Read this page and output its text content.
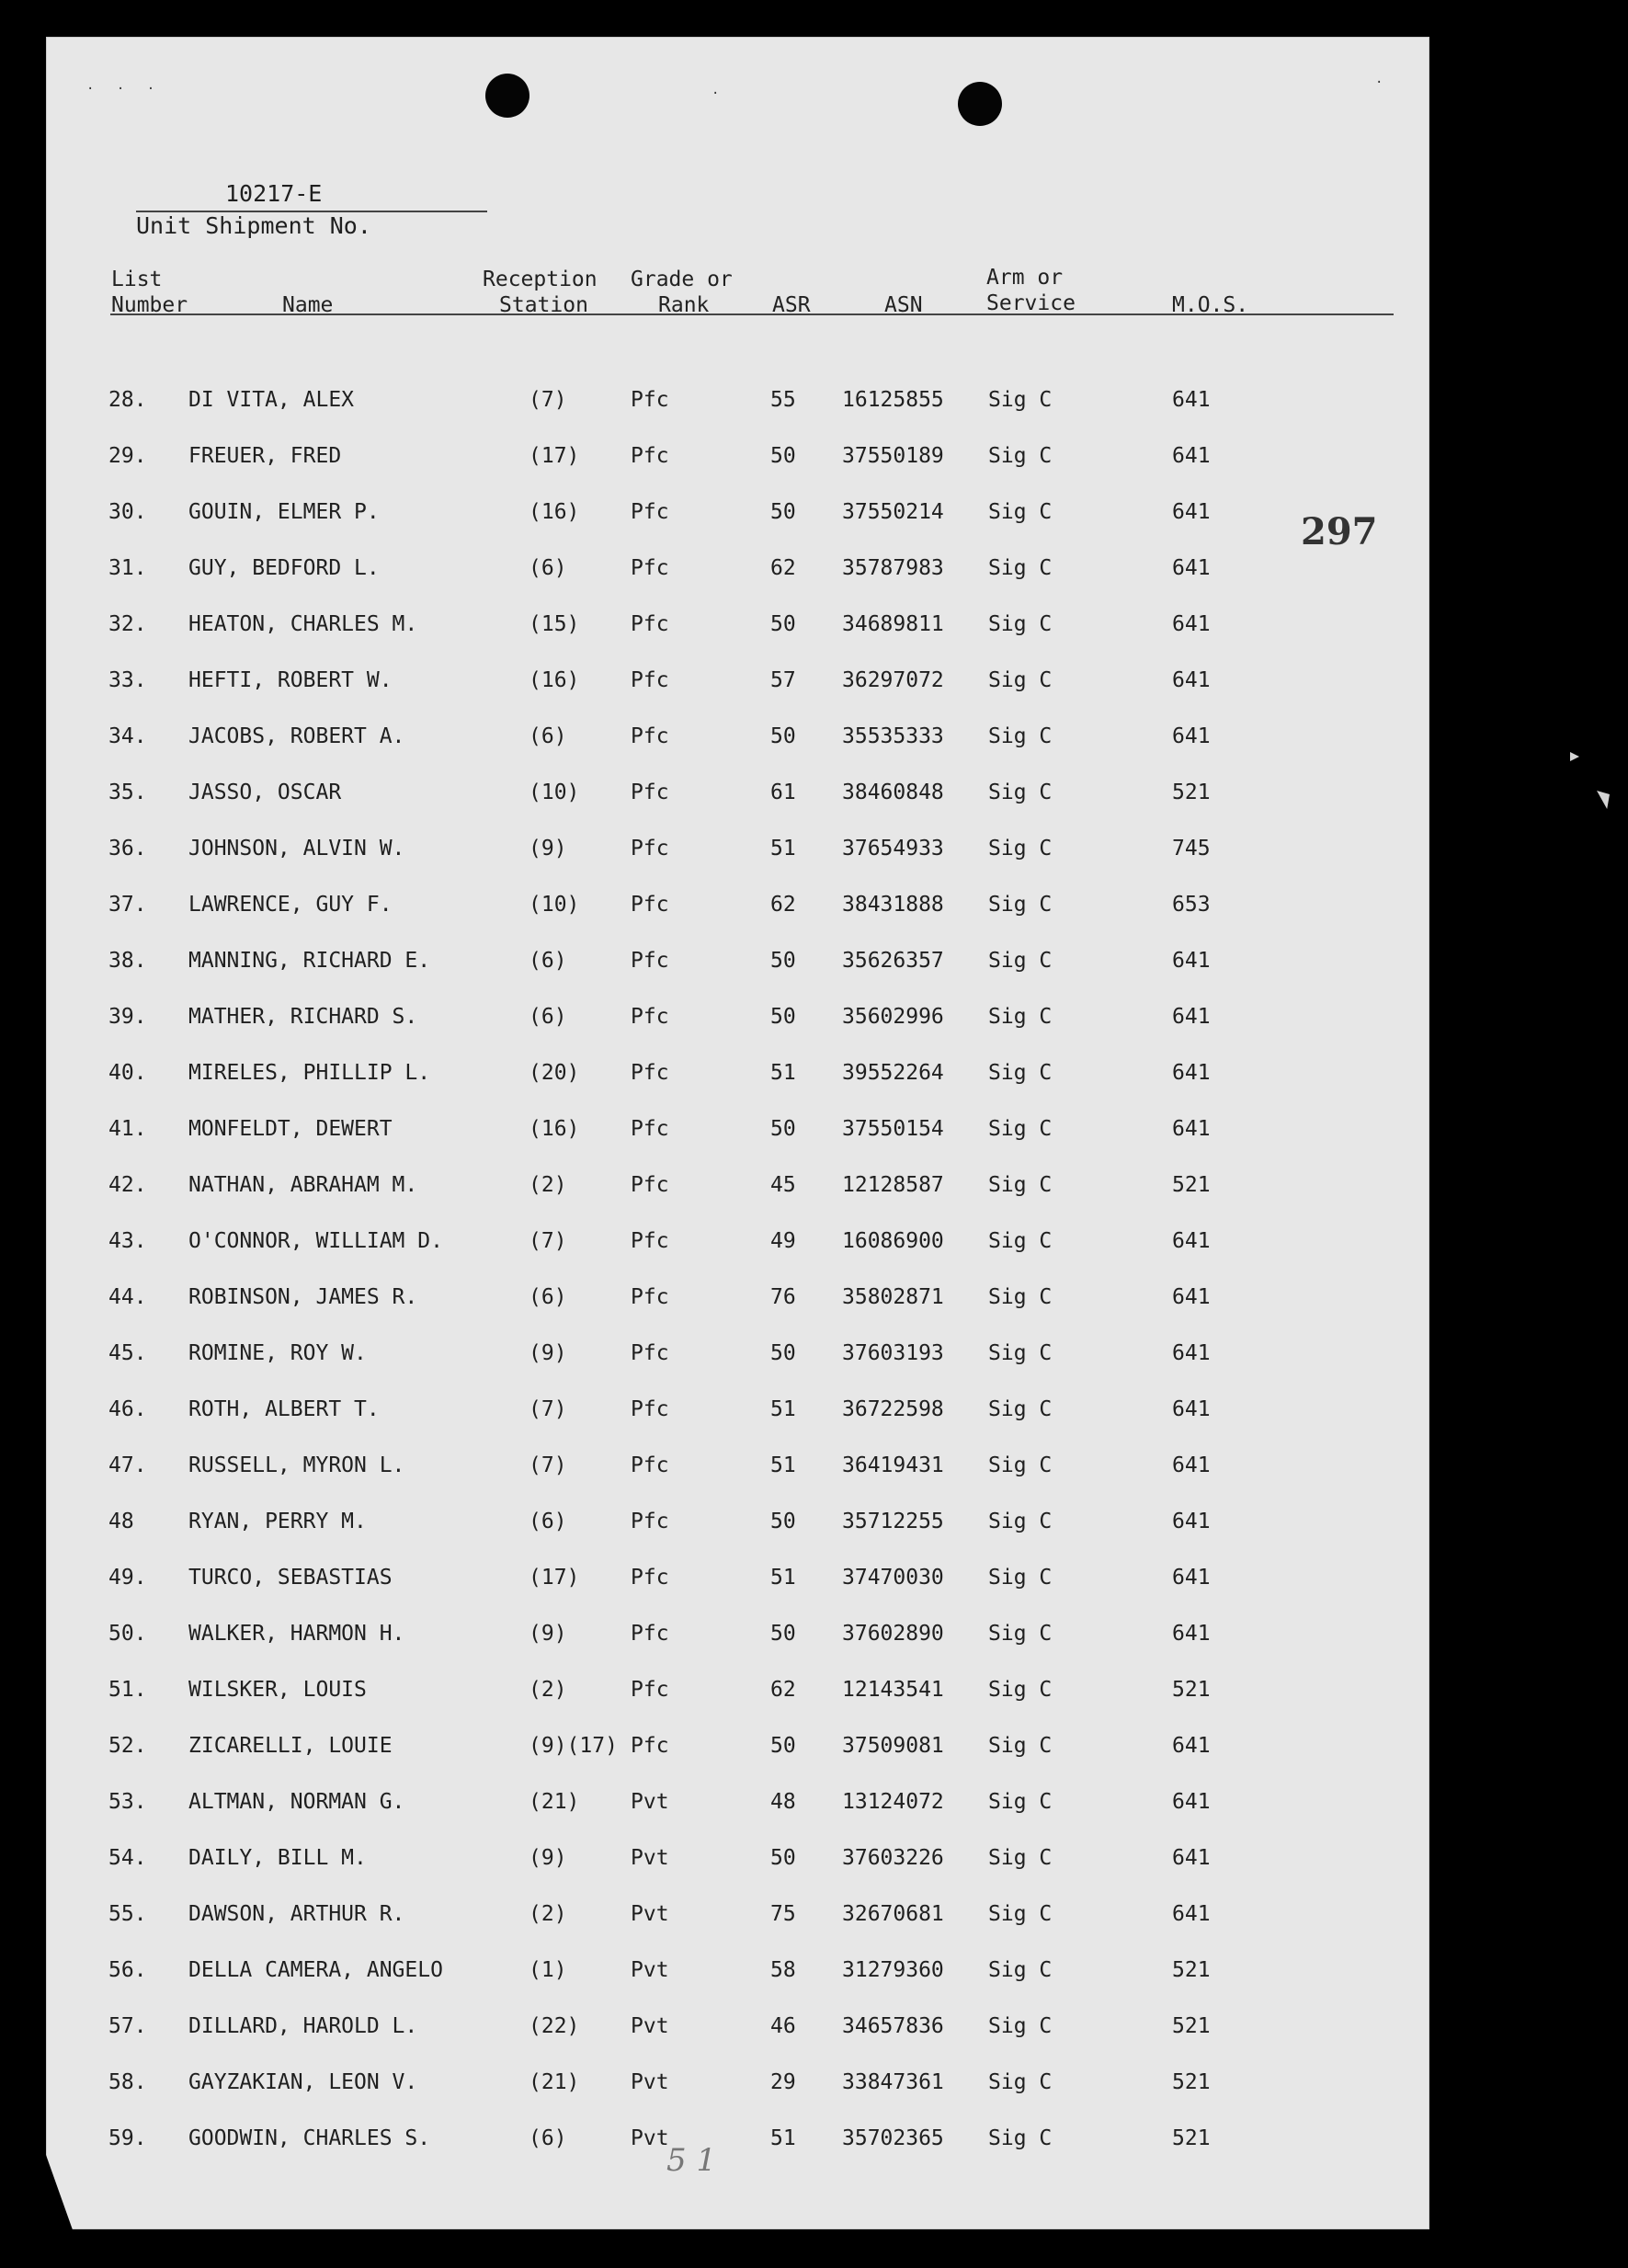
. . .	.
.
10217-E
Unit Shipment No.
List
Number	Name
Reception
Station
Grade or
Rank	ASR	ASN
Arm or
Service	M.O.S.
28. DI VITA, ALEX	(7)	Pfc	55 16125855 Sig C	641
29. FREUER, FRED	(17) Pfc	50 37550189 Sig C	641
30. GOUIN, ELMER P.	(16) Pfc	50 37550214 Sig C	641
31. GUY, BEDFORD L.	(6)	Pfc	62 35787983 Sig C	641
32. HEATON, CHARLES M.	(15) Pfc	50 34689811 Sig C	641
33. HEFTI, ROBERT W.	(16) Pfc	57 36297072 Sig C	641
34. JACOBS, ROBERT A.	(6)	Pfc	50 35535333 Sig C	641
35. JASSO, OSCAR	(10) Pfc	61 38460848 Sig C	521
36. JOHNSON, ALVIN W.	(9)	Pfc	51 37654933 Sig C	745
37. LAWRENCE, GUY F.	(10) Pfc	62 38431888 Sig C	653
38. MANNING, RICHARD E.	(6)	Pfc	50 35626357 Sig C	641
39. MATHER, RICHARD S.	(6)	Pfc	50 35602996 Sig C	641
40. MIRELES, PHILLIP L.	(20) Pfc	51 39552264 Sig C	641
41. MONFELDT, DEWERT	(16) Pfc	50 37550154 Sig C	641
42. NATHAN, ABRAHAM M.	(2)	Pfc	45 12128587 Sig C	521
43. O'CONNOR, WILLIAM D.	(7)	Pfc	49 16086900 Sig C	641
44. ROBINSON, JAMES R.	(6)	Pfc	76 35802871 Sig C	641
45. ROMINE, ROY W.	(9)	Pfc	50 37603193 Sig C	641
46. ROTH, ALBERT T.	(7)	Pfc	51 36722598 Sig C	641
47. RUSSELL, MYRON L.	(7)	Pfc	51 36419431 Sig C	641
48	RYAN, PERRY M.	(6)	Pfc	50 35712255 Sig C	641
49. TURCO, SEBASTIAS	(17) Pfc	51 37470030 Sig C	641
50. WALKER, HARMON H.	(9)	Pfc	50 37602890 Sig C	641
51. WILSKER, LOUIS	(2)	Pfc	62 12143541 Sig C	521
52. ZICARELLI, LOUIE	(9)(17) Pfc	50 37509081 Sig C	641
53. ALTMAN, NORMAN G.	(21) Pvt	48 13124072 Sig C	641
54. DAILY, BILL M.	(9)	Pvt	50 37603226 Sig C	641
55. DAWSON, ARTHUR R.	(2)	Pvt	75 32670681 Sig C	641
56. DELLA CAMERA, ANGELO	(1)	Pvt	58 31279360 Sig C	521
57. DILLARD, HAROLD L.	(22) Pvt	46 34657836 Sig C	521
58. GAYZAKIAN, LEON V.	(21) Pvt	29 33847361 Sig C	521
59. GOODWIN, CHARLES S.	(6)	Pvt	51 35702365 Sig C	521
297
5 1
